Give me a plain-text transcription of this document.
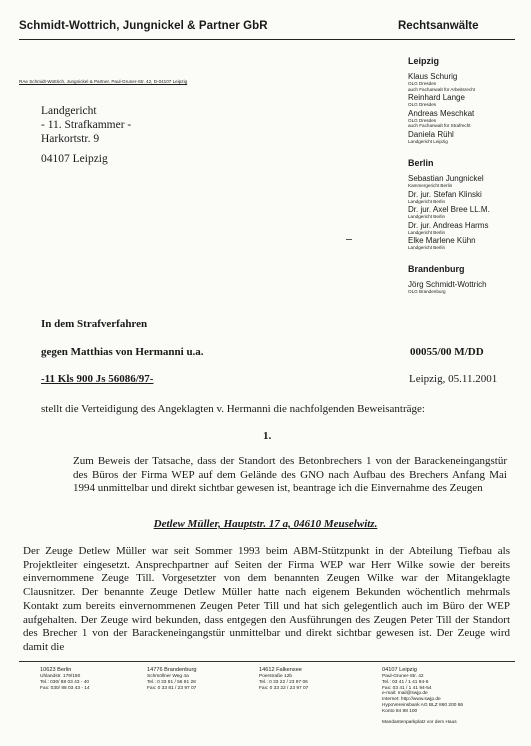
Schmidt-Wottrich, Jungnickel & Partner GbR	Rechtsanwälte
RAe Schmidt-Wottrich, Jungnickel & Partner, Paul-Gruner-Str. 42, D-04107 Leipzig
Landgericht
- 11. Strafkammer -
Harkortstr. 9
04107 Leipzig
Leipzig
Klaus Schurig
OLG Dresden
auch Fachanwalt für Arbeitsrecht
Reinhard Lange
OLG Dresden
Andreas Meschkat
OLG Dresden
auch Fachanwalt für Strafrecht
Daniela Rühl
Landgericht Leipzig
Berlin
Sebastian Jungnickel
Kammergericht Berlin
Dr. jur. Stefan Klinski
Landgericht Berlin
Dr. jur. Axel Bree LL.M.
Landgericht Berlin
Dr. jur. Andreas Harms
Landgericht Berlin
Elke Marlene Kühn
Landgericht Berlin
Brandenburg
Jörg Schmidt-Wottrich
OLG Brandenburg
In dem Strafverfahren
gegen Matthias von Hermanni u.a.
-11 Kls 900 Js 56086/97-
00055/00 M/DD
Leipzig, 05.11.2001
stellt die Verteidigung des Angeklagten v. Hermanni die nachfolgenden Beweisanträge:
1.
Zum Beweis der Tatsache, dass der Standort des Betonbrechers 1 von der Barackeneingangstür des Büros der Firma WEP auf dem Gelände des GNO nach Aufbau des Brechers Anfang Mai 1994 unmittelbar und direkt sichtbar gewesen ist, beantrage ich die Einvernahme des Zeugen
Detlew Müller, Hauptstr. 17 a, 04610 Meuselwitz.
Der Zeuge Detlew Müller war seit Sommer 1993 beim ABM-Stützpunkt in der Abteilung Tiefbau als Projektleiter eingesetzt. Ansprechpartner auf Seiten der Firma WEP war Herr Wilke sowie der bereits einvernommene Zeuge Till. Vorgesetzter von dem benannten Zeugen Wilke war der Mitangeklagte Clausnitzer. Der benannte Zeuge Detlew Müller hatte nach eigenem Bekunden wöchentlich mehrmals Kontakt zum bereits einvernommenen Zeugen Peter Till und hat sich gelegentlich auch im Büro der WEP aufgehalten. Der Zeuge wird bekunden, dass entgegen den Ausführungen des Zeugen Peter Till der Standort des Brecher 1 von der Barackeneingangstür unmittelbar und direkt sichtbar gewesen ist. Der Zeuge wird damit die
10623 Berlin
Uhlandstr. 179/180
Tel.: 030/ 88 03 43 - 40
Fax: 030/ 88 03 43 - 14
14776 Brandenburg
Schmöllner Weg 4a
Tel.: 0 33 81 / 56 91 28
Fax: 0 33 81 / 23 97 07
14612 Falkensee
Poerstraße 12b
Tel.: 0 33 22 / 23 97 06
Fax: 0 33 22 / 23 97 07
04107 Leipzig
Paul-Gruner-Str. 42
Tel.: 03 41 / 1 41 94-6
Fax: 03 41 / 1 41 94-54
e-mail: mail@swjp.de
Internet: http://www.swjp.de
HypoVereinsbank AG BLZ 860 200 86
Konto 84 88 100
Mandantenparkplatz vor dem Haus
